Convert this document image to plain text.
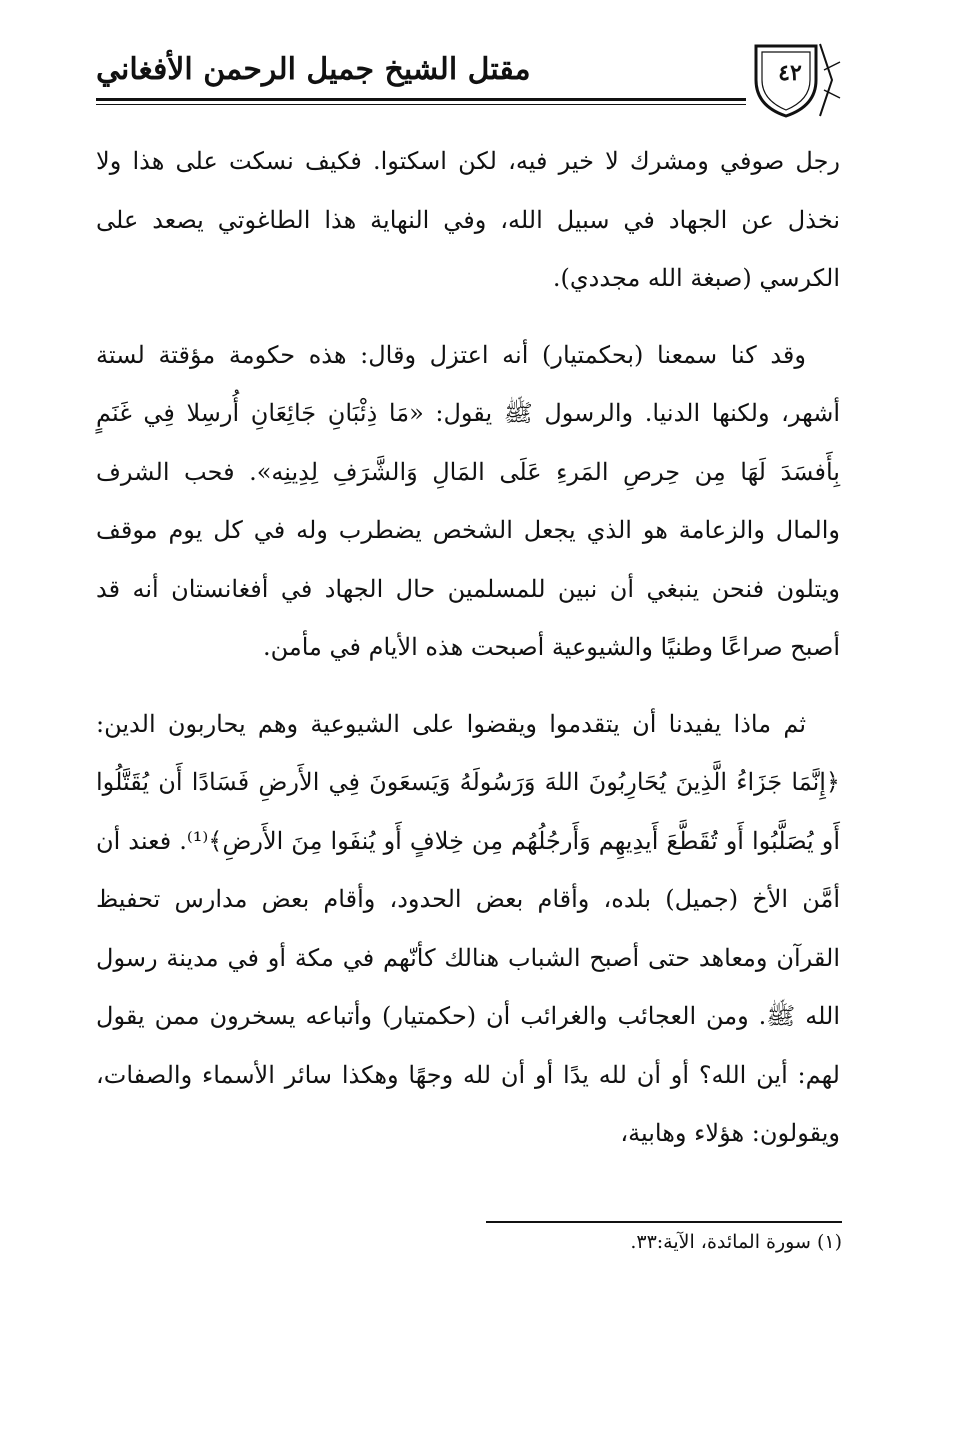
مقتل الشيخ جميل الرحمن الأفغاني	٤٢

رجل صوفي ومشرك لا خير فيه، لكن اسكتوا. فكيف نسكت على هذا ولا نخذل عن الجهاد في سبيل الله، وفي النهاية هذا الطاغوتي يصعد على الكرسي (صبغة الله مجددي).

وقد كنا سمعنا (بحكمتيار) أنه اعتزل وقال: هذه حكومة مؤقتة لستة أشهر، ولكنها الدنيا. والرسول ﷺ يقول: «مَا ذِئْبَانِ جَائِعَانِ أُرسِلا فِي غَنَمٍ بِأَفسَدَ لَهَا مِن حِرصِ المَرءِ عَلَى المَالِ وَالشَّرَفِ لِدِينِه». فحب الشرف والمال والزعامة هو الذي يجعل الشخص يضطرب وله في كل يوم موقف ويتلون فنحن ينبغي أن نبين للمسلمين حال الجهاد في أفغانستان أنه قد أصبح صراعًا وطنيًا والشيوعية أصبحت هذه الأيام في مأمن.

ثم ماذا يفيدنا أن يتقدموا ويقضوا على الشيوعية وهم يحاربون الدين: ﴿إِنَّمَا جَزَاءُ الَّذِينَ يُحَارِبُونَ اللهَ وَرَسُولَهُ وَيَسعَونَ فِي الأَرضِ فَسَادًا أَن يُقَتَّلُوا أَو يُصَلَّبُوا أَو تُقَطَّعَ أَيدِيهِم وَأَرجُلُهُم مِن خِلافٍ أَو يُنفَوا مِنَ الأَرضِ﴾⁽¹⁾. فعند أن أمَّن الأخ (جميل) بلده، وأقام بعض الحدود، وأقام بعض مدارس تحفيظ القرآن ومعاهد حتى أصبح الشباب هنالك كأنّهم في مكة أو في مدينة رسول الله ﷺ. ومن العجائب والغرائب أن (حكمتيار) وأتباعه يسخرون ممن يقول لهم: أين الله؟ أو أن لله يدًا أو أن لله وجهًا وهكذا سائر الأسماء والصفات، ويقولون: هؤلاء وهابية،

(١) سورة المائدة، الآية:٣٣.
